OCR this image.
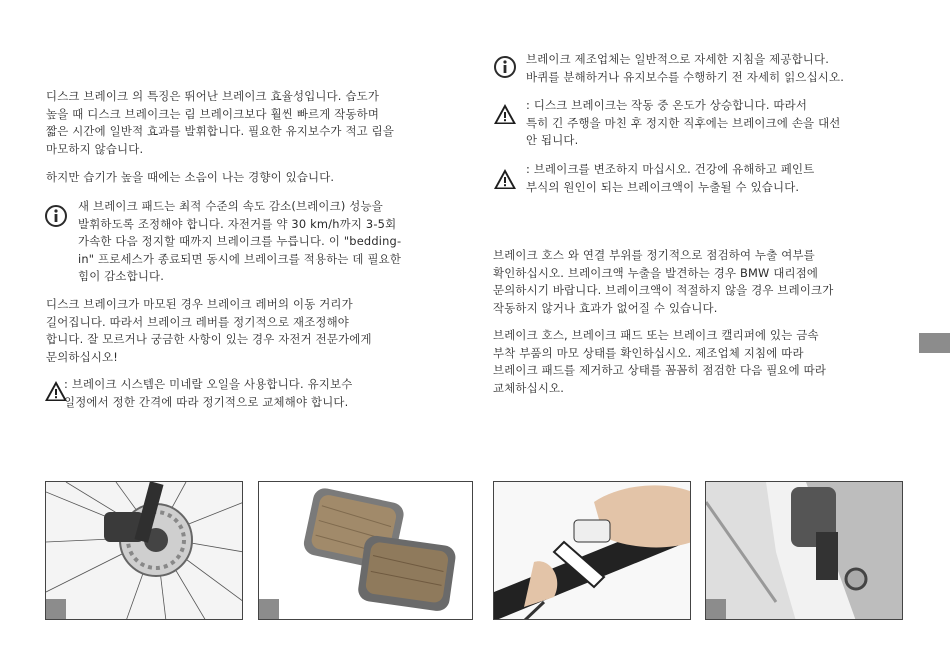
디스크 브레이크 의 특징은 뛰어난 브레이크 효율성입니다. 습도가
높을 때 디스크 브레이크는 림 브레이크보다 훨씬 빠르게 작동하며
짧은 시간에 일반적 효과를 발휘합니다. 필요한 유지보수가 적고 림을
마모하지 않습니다.

하지만 습기가 높을 때에는 소음이 나는 경향이 있습니다.

새 브레이크 패드는 최적 수준의 속도 감소(브레이크) 성능을
발휘하도록 조정해야 합니다. 자전거를 약 30 km/h까지 3-5회
가속한 다음 정지할 때까지 브레이크를 누릅니다. 이 "bedding-
in" 프로세스가 종료되면 동시에 브레이크를 적용하는 데 필요한
힘이 감소합니다.

디스크 브레이크가 마모된 경우 브레이크 레버의 이동 거리가
길어집니다. 따라서 브레이크 레버를 정기적으로 재조정해야
합니다. 잘 모르거나 궁금한 사항이 있는 경우 자전거 전문가에게
문의하십시오!

: 브레이크 시스템은 미네랄 오일을 사용합니다. 유지보수
일정에서 정한 간격에 따라 정기적으로 교체해야 합니다.

브레이크 제조업체는 일반적으로 자세한 지침을 제공합니다.
바퀴를 분해하거나 유지보수를 수행하기 전 자세히 읽으십시오.

: 디스크 브레이크는 작동 중 온도가 상승합니다. 따라서
특히 긴 주행을 마친 후 정지한 직후에는 브레이크에 손을 대선
안 됩니다.

: 브레이크를 변조하지 마십시오. 건강에 유해하고 페인트
부식의 원인이 되는 브레이크액이 누출될 수 있습니다.

브레이크 호스 와 연결 부위를 정기적으로 점검하여 누출 여부를
확인하십시오. 브레이크액 누출을 발견하는 경우 BMW 대리점에
문의하시기 바랍니다. 브레이크액이 적절하지 않을 경우 브레이크가
작동하지 않거나 효과가 없어질 수 있습니다.

브레이크 호스, 브레이크 패드 또는 브레이크 캘리퍼에 있는 금속
부착 부품의 마모 상태를 확인하십시오. 제조업체 지침에 따라
브레이크 패드를 제거하고 상태를 꼼꼼히 점검한 다음 필요에 따라
교체하십시오.
